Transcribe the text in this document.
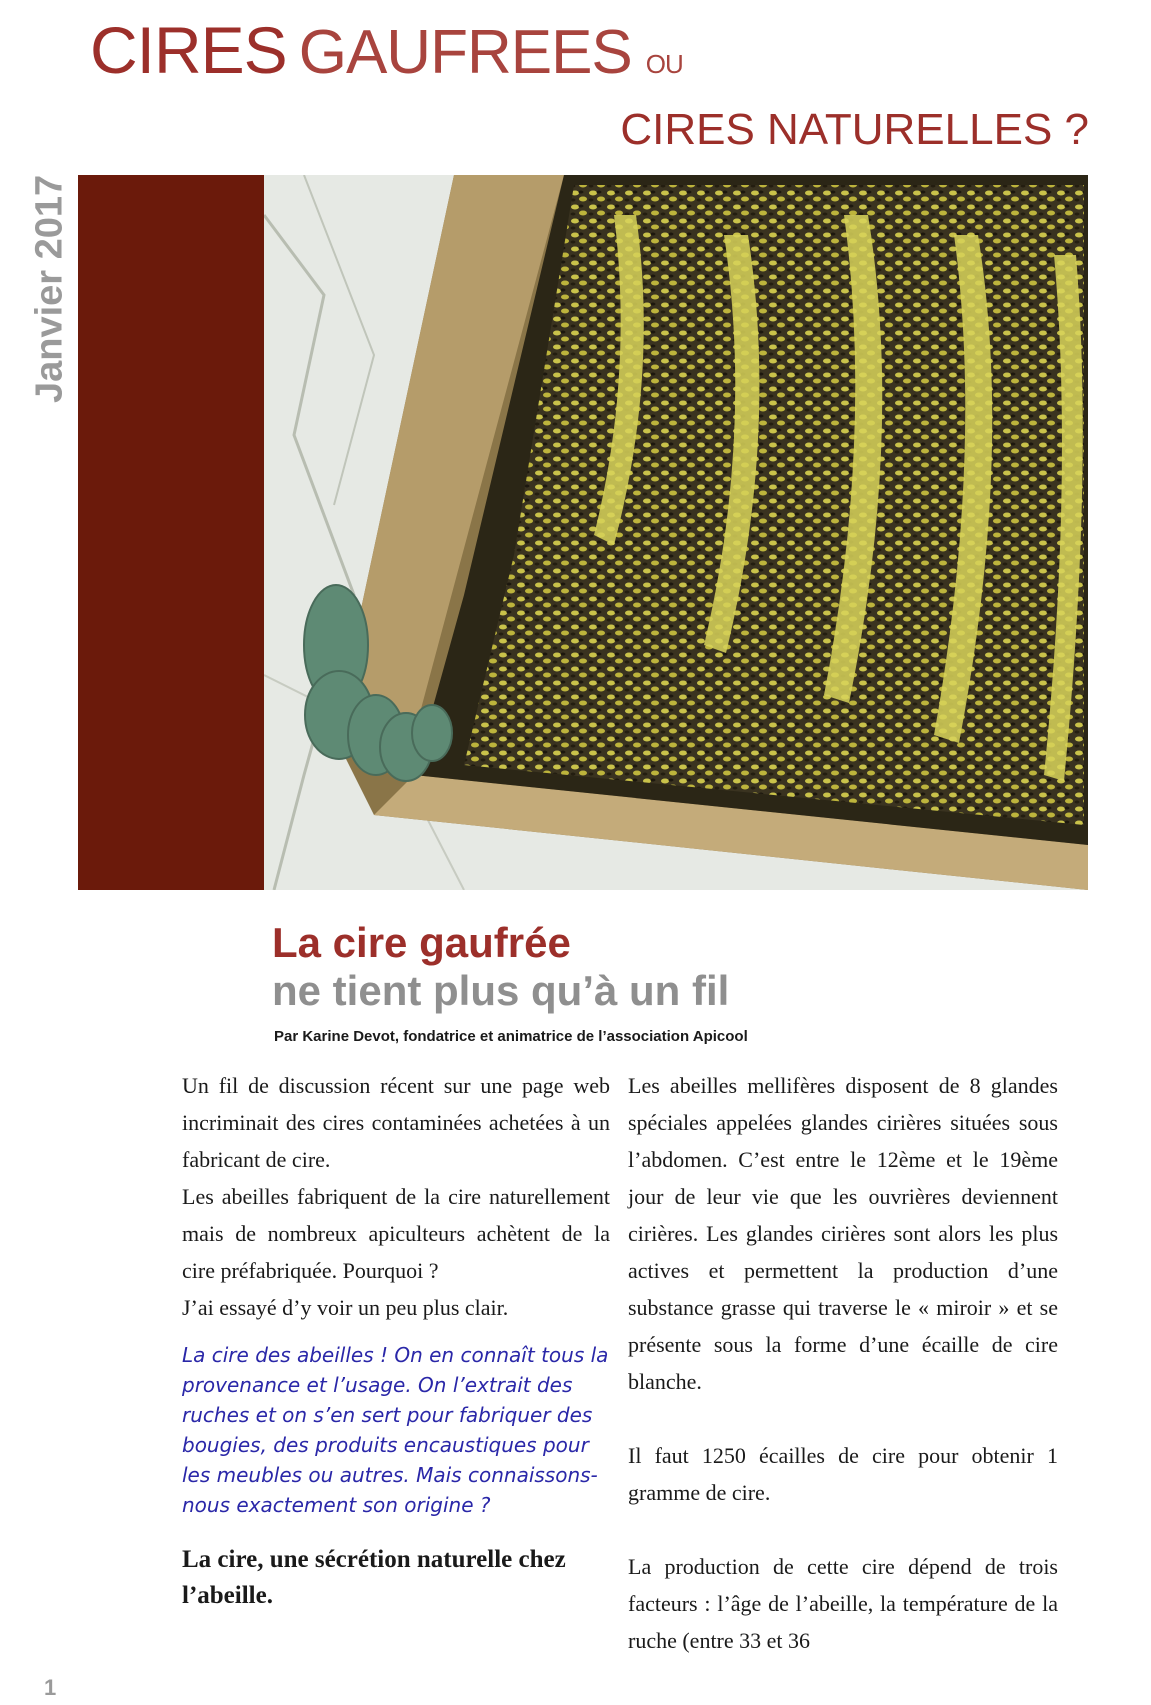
CIRES GAUFREES OU
CIRES NATURELLES ?
Janvier 2017
La cire gaufrée
ne tient plus qu’à un fil
Par Karine Devot, fondatrice et animatrice de l’association Apicool

Un fil de discussion récent sur une page web incriminait des cires contaminées achetées à un fabricant de cire.

Les abeilles fabriquent de la cire naturellement mais de nombreux apiculteurs achètent de la cire préfabriquée. Pourquoi ?

J’ai essayé d’y voir un peu plus clair.

La cire des abeilles ! On en connaît tous la provenance et l’usage. On l’extrait des ruches et on s’en sert pour fabriquer des bougies, des produits encaustiques pour les meubles ou autres. Mais connaissons-nous exactement son origine ?

La cire, une sécrétion naturelle chez l’abeille.

Les abeilles mellifères disposent de 8 glandes spéciales appelées glandes cirières situées sous l’abdomen. C’est entre le 12ème et le 19ème jour de leur vie que les ouvrières deviennent cirières. Les glandes cirières sont alors les plus actives et permettent la production d’une substance grasse qui traverse le « miroir » et se présente sous la forme d’une écaille de cire blanche.

Il faut 1250 écailles de cire pour obtenir 1 gramme de cire.

La production de cette cire dépend de trois facteurs : l’âge de l’abeille, la température de la ruche (entre 33 et 36

1
